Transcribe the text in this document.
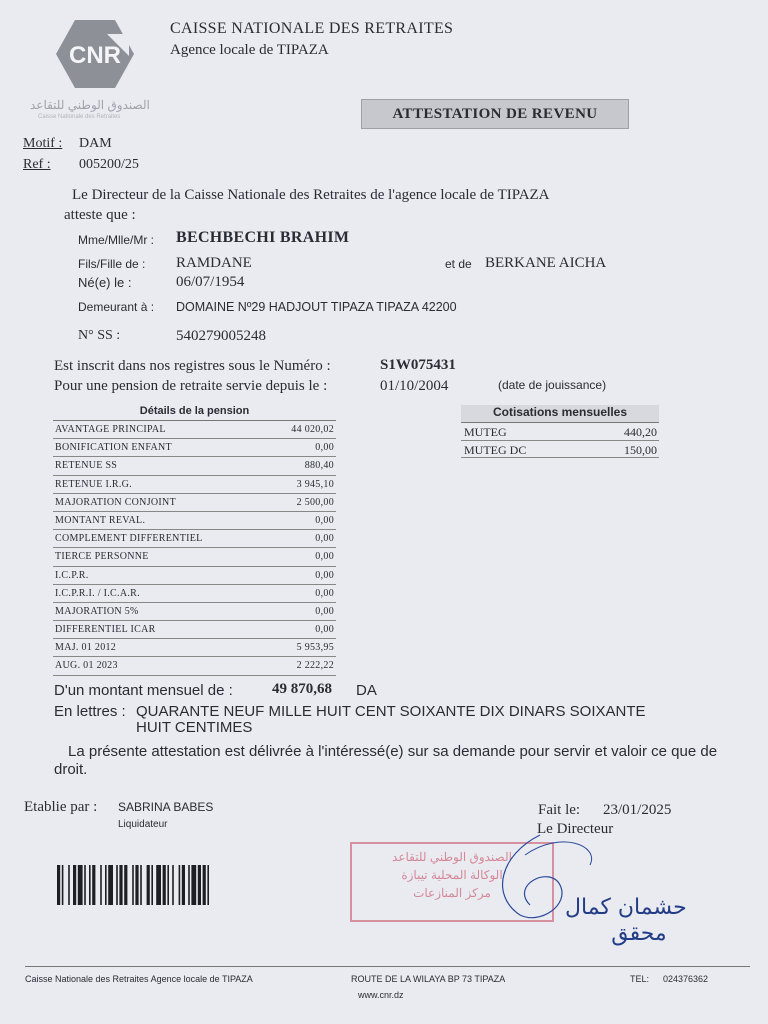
CNR
الصندوق الوطني للتقاعد
Caisse Nationale des Retraites
CAISSE NATIONALE DES RETRAITES
Agence locale de TIPAZA
ATTESTATION DE REVENU
Motif : DAM
Ref : 005200/25
Le Directeur de la Caisse Nationale des Retraites de l'agence locale de TIPAZA
atteste que :
Mme/Mlle/Mr : BECHBECHI BRAHIM
Fils/Fille de : RAMDANE	et de BERKANE AICHA
Né(e) le :	06/07/1954
Demeurant à : DOMAINE Nº29 HADJOUT TIPAZA TIPAZA 42200
N° SS :	540279005248
Est inscrit dans nos registres sous le Numéro :	S1W075431
Pour une pension de retraite servie depuis le :	01/10/2004	(date de jouissance)
Détails de la pension
AVANTAGE PRINCIPAL	44 020,02
BONIFICATION ENFANT	0,00
RETENUE SS	880,40
RETENUE I.R.G.	3 945,10
MAJORATION CONJOINT	2 500,00
MONTANT REVAL.	0,00
COMPLEMENT DIFFERENTIEL	0,00
TIERCE PERSONNE	0,00
I.C.P.R.	0,00
I.C.P.R.I. / I.C.A.R.	0,00
MAJORATION 5%	0,00
DIFFERENTIEL ICAR	0,00
MAJ. 01 2012	5 953,95
AUG. 01 2023	2 222,22
Cotisations mensuelles
MUTEG	440,20
MUTEG DC	150,00
D'un montant mensuel de :	49 870,68 DA
En lettres : QUARANTE NEUF MILLE HUIT CENT SOIXANTE DIX DINARS SOIXANTE
HUIT CENTIMES
La présente attestation est délivrée à l'intéressé(e) sur sa demande pour servir et valoir ce que de
droit.
Etablie par : SABRINA BABES
Liquidateur
Fait le: 23/01/2025
Le Directeur
الصندوق الوطني للتقاعد
الوكالة المحلية تيبازة
مركز المنازعات
حشمان كمال
محقق
Caisse Nationale des Retraites Agence locale de TIPAZA	ROUTE DE LA WILAYA BP 73 TIPAZA
www.cnr.dz
TEL: 024376362
